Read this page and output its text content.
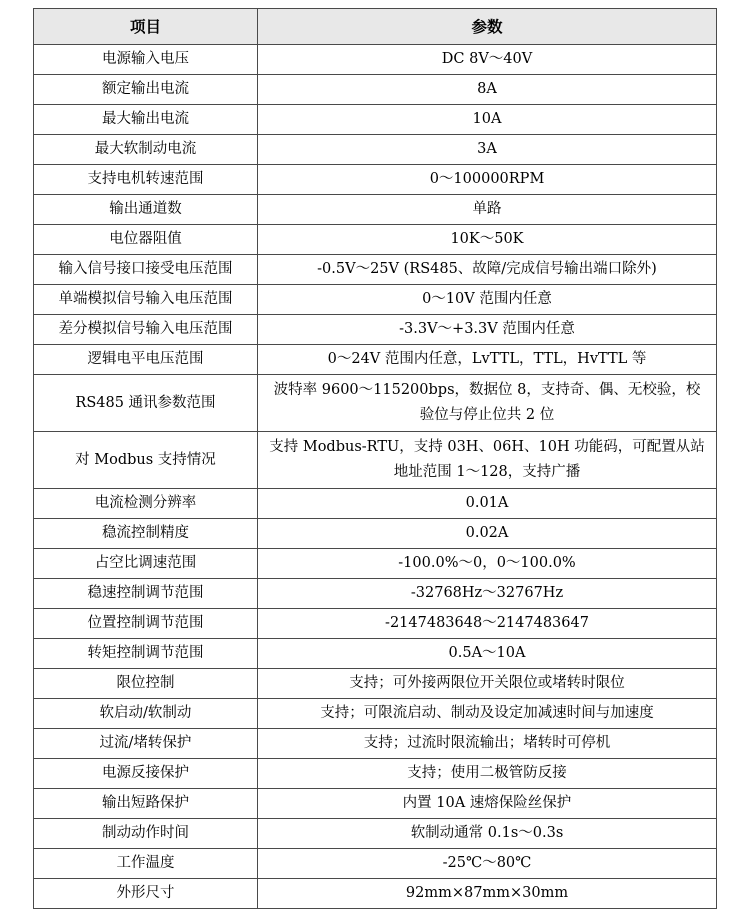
项目	参数
电源输入电压	DC 8V～40V
额定输出电流	8A
最大输出电流	10A
最大软制动电流	3A
支持电机转速范围	0～100000RPM
输出通道数	单路
电位器阻值	10K～50K
输入信号接口接受电压范围	-0.5V～25V (RS485、故障/完成信号输出端口除外)
单端模拟信号输入电压范围	0～10V 范围内任意
差分模拟信号输入电压范围	-3.3V～+3.3V 范围内任意
逻辑电平电压范围	0～24V 范围内任意，LvTTL，TTL，HvTTL 等
RS485 通讯参数范围	波特率 9600～115200bps，数据位 8，支持奇、偶、无校验，校验位与停止位共 2 位
对 Modbus 支持情况	支持 Modbus-RTU，支持 03H、06H、10H 功能码，可配置从站地址范围 1～128，支持广播
电流检测分辨率	0.01A
稳流控制精度	0.02A
占空比调速范围	-100.0%～0，0～100.0%
稳速控制调节范围	-32768Hz～32767Hz
位置控制调节范围	-2147483648～2147483647
转矩控制调节范围	0.5A～10A
限位控制	支持；可外接两限位开关限位或堵转时限位
软启动/软制动	支持；可限流启动、制动及设定加减速时间与加速度
过流/堵转保护	支持；过流时限流输出；堵转时可停机
电源反接保护	支持；使用二极管防反接
输出短路保护	内置 10A 速熔保险丝保护
制动动作时间	软制动通常 0.1s～0.3s
工作温度	-25℃～80℃
外形尺寸	92mm×87mm×30mm
